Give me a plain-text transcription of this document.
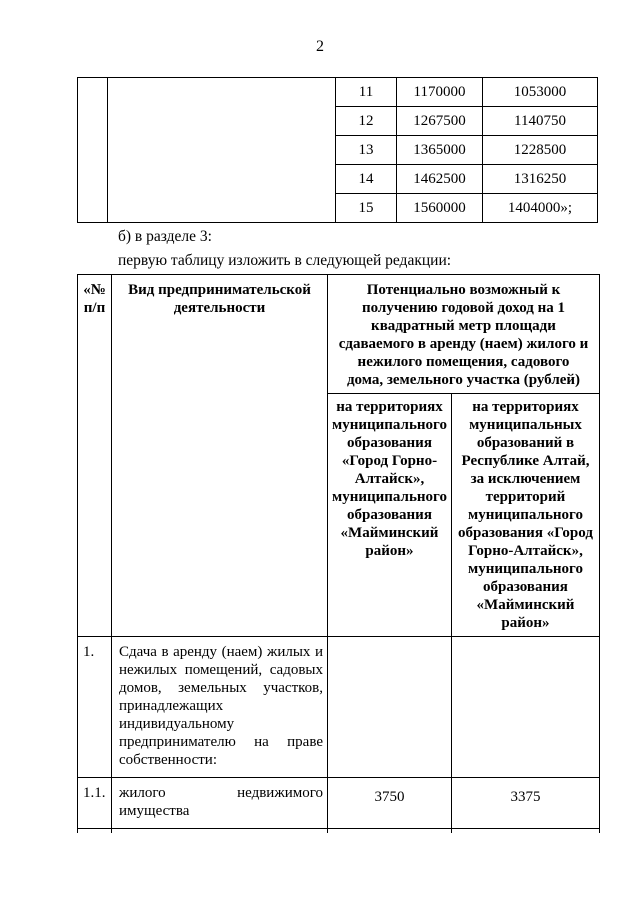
2
		11	1170000	1053000
		12	1267500	1140750
		13	1365000	1228500
		14	1462500	1316250
		15	1560000	1404000»;
б) в разделе 3:
первую таблицу изложить в следующей редакции:
«№ п/п	Вид предпринимательской деятельности	Потенциально возможный к получению годовой доход на 1 квадратный метр площади сдаваемого в аренду (наем) жилого и нежилого помещения, садового дома, земельного участка (рублей)	
		на территориях муниципального образования «Город Горно-Алтайск», муниципального образования «Майминский район»	на территориях муниципальных образований в Республике Алтай, за исключением территорий муниципального образования «Город Горно-Алтайск», муниципального образования «Майминский район»
1.	Сдача в аренду (наем) жилых и нежилых помещений, садовых домов, земельных участков, принадлежащих индивидуальному предпринимателю на праве собственности:		
1.1.	жилого недвижимого имущества	3750	3375
